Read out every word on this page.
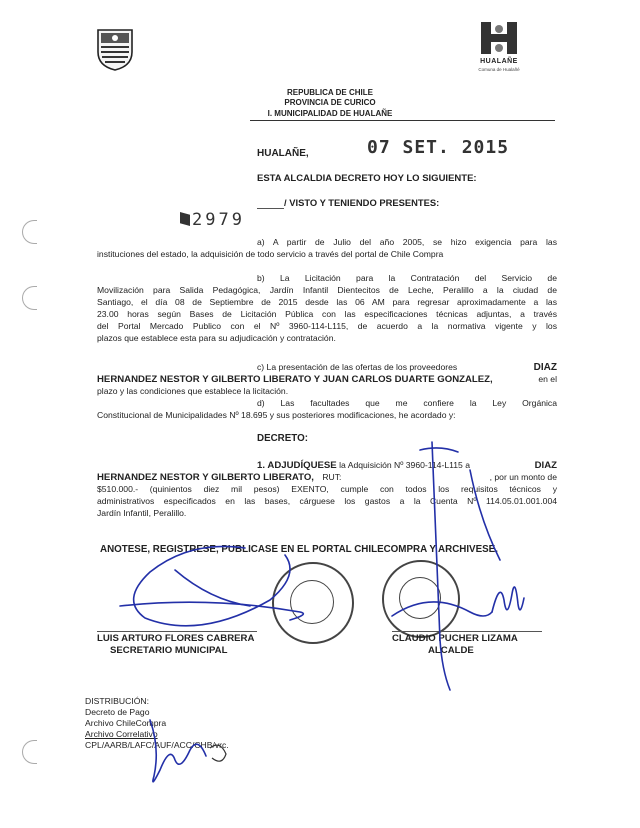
HUALAÑE
Comuna de Hualañé
REPUBLICA DE CHILE
PROVINCIA DE CURICO
I. MUNICIPALIDAD DE HUALAÑE
HUALAÑE,	07 SET. 2015
ESTA ALCALDIA DECRETO HOY LO SIGUIENTE:
2979
/ VISTO Y TENIENDO PRESENTES:
a) A partir de Julio del año 2005, se hizo exigencia para las
instituciones del estado, la adquisición de todo servicio a través del portal de Chile Compra
b) La Licitación para la Contratación del Servicio de
Movilización para Salida Pedagógica, Jardín Infantil Dientecitos de Leche, Peralillo a la ciudad de
Santiago, el día 08 de Septiembre de 2015 desde las 06 AM para regresar aproximadamente a las
23.00 horas según Bases de Licitación Pública con las especificaciones técnicas adjuntas, a través
del Portal Mercado Publico con el Nº 3960-114-L115, de acuerdo a la normativa vigente y los
plazos que establece esta para su adjudicación y contratación.
c) La presentación de las ofertas de los proveedores	DIAZ
HERNANDEZ NESTOR Y GILBERTO LIBERATO Y JUAN CARLOS DUARTE GONZALEZ,	en el
plazo y las condiciones que establece la licitación.
d) Las facultades que me confiere la Ley Orgánica
Constitucional de Municipalidades Nº 18.695 y sus posteriores modificaciones, he acordado y:
DECRETO:
1. ADJUDÍQUESE la Adquisición Nº 3960-114-L115 a	DIAZ
HERNANDEZ NESTOR Y GILBERTO LIBERATO, RUT:	, por un monto de
$510.000.- (quinientos diez mil pesos) EXENTO, cumple con todos los requisitos técnicos y
administrativos especificados en las bases, cárguese los gastos a la Cuenta Nº 114.05.01.001.004
Jardín Infantil, Peralillo.
ANOTESE, REGISTRESE, PUBLICASE EN EL PORTAL CHILECOMPRA Y ARCHIVESE.
LUIS ARTURO FLORES CABRERA
SECRETARIO MUNICIPAL
CLAUDIO PUCHER LIZAMA
ALCALDE
DISTRIBUCIÓN:
Decreto de Pago
Archivo ChileCompra
Archivo Correlativo
CPL/AARB/LAFC/AUF/ACC/CHB/vrc.
